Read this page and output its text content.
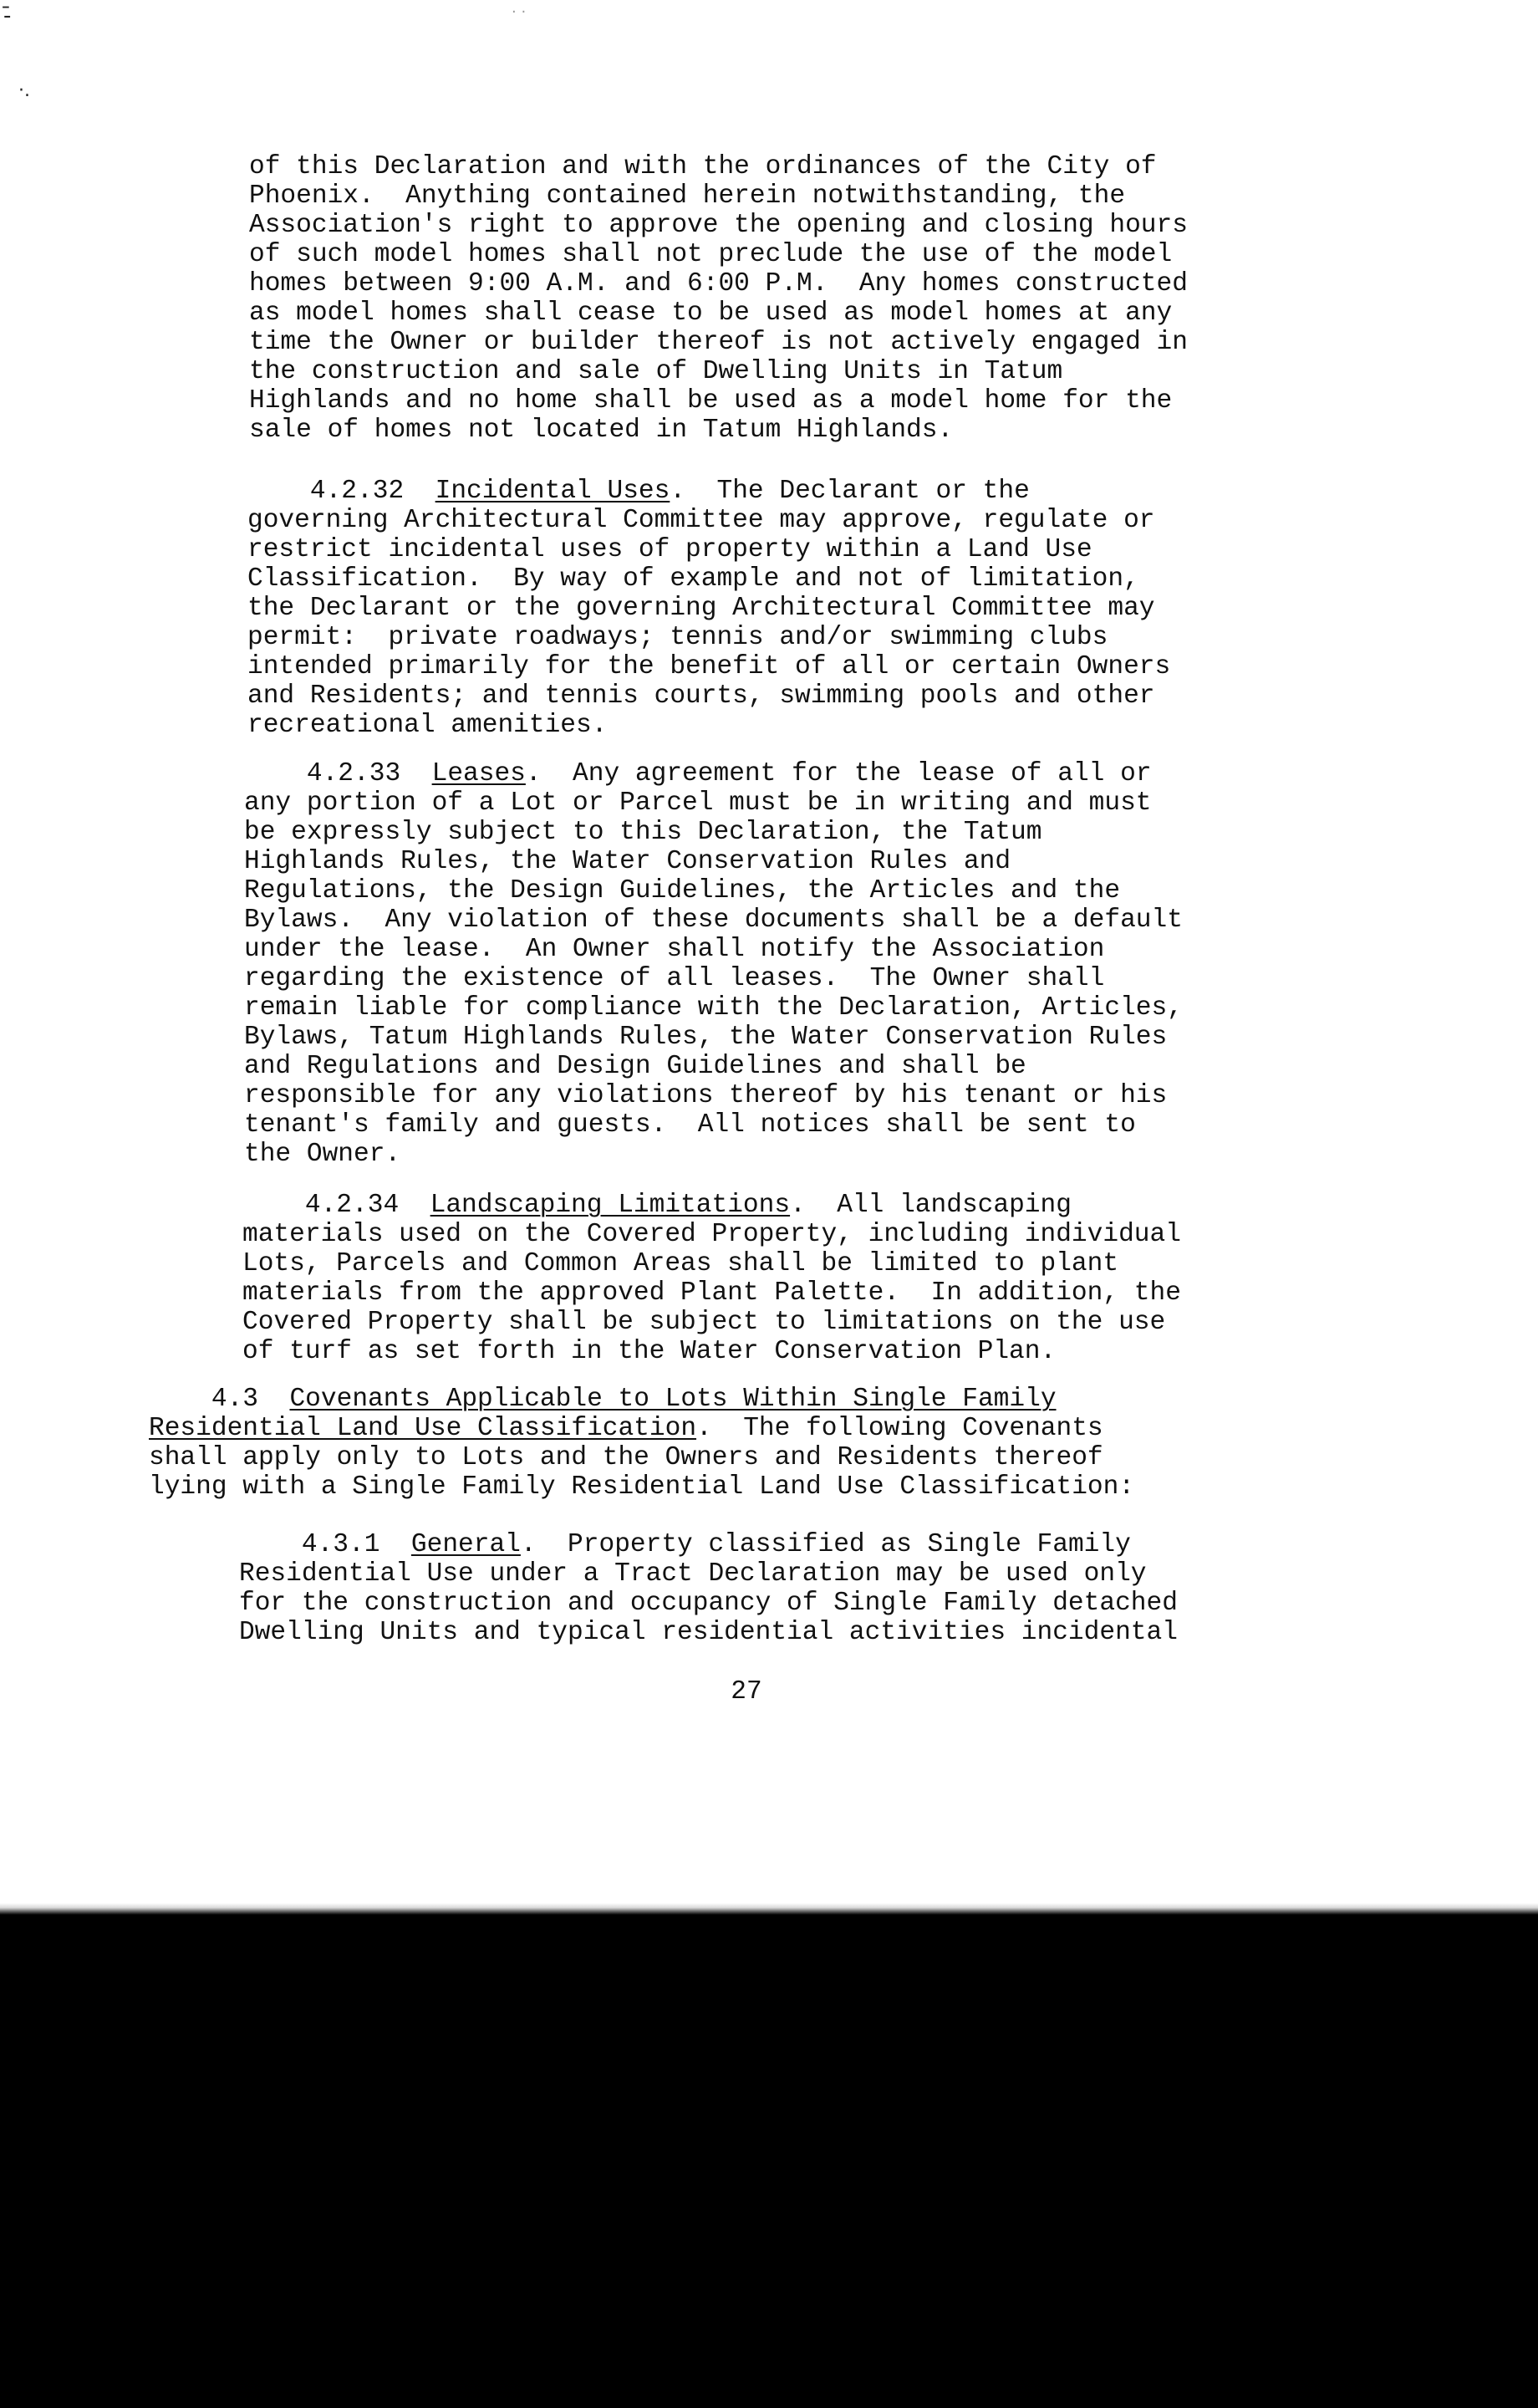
-̄
·.
· ·
of this Declaration and with the ordinances of the City of
Phoenix.  Anything contained herein notwithstanding, the
Association's right to approve the opening and closing hours
of such model homes shall not preclude the use of the model
homes between 9:00 A.M. and 6:00 P.M.  Any homes constructed
as model homes shall cease to be used as model homes at any
time the Owner or builder thereof is not actively engaged in
the construction and sale of Dwelling Units in Tatum
Highlands and no home shall be used as a model home for the
sale of homes not located in Tatum Highlands.
4.2.32 Incidental Uses.  The Declarant or the
governing Architectural Committee may approve, regulate or
restrict incidental uses of property within a Land Use
Classification.  By way of example and not of limitation,
the Declarant or the governing Architectural Committee may
permit:  private roadways; tennis and/or swimming clubs
intended primarily for the benefit of all or certain Owners
and Residents; and tennis courts, swimming pools and other
recreational amenities.
4.2.33 Leases.  Any agreement for the lease of all or
any portion of a Lot or Parcel must be in writing and must
be expressly subject to this Declaration, the Tatum
Highlands Rules, the Water Conservation Rules and
Regulations, the Design Guidelines, the Articles and the
Bylaws.  Any violation of these documents shall be a default
under the lease.  An Owner shall notify the Association
regarding the existence of all leases.  The Owner shall
remain liable for compliance with the Declaration, Articles,
Bylaws, Tatum Highlands Rules, the Water Conservation Rules
and Regulations and Design Guidelines and shall be
responsible for any violations thereof by his tenant or his
tenant's family and guests.  All notices shall be sent to
the Owner.
4.2.34 Landscaping Limitations.  All landscaping
materials used on the Covered Property, including individual
Lots, Parcels and Common Areas shall be limited to plant
materials from the approved Plant Palette.  In addition, the
Covered Property shall be subject to limitations on the use
of turf as set forth in the Water Conservation Plan.
4.3 Covenants Applicable to Lots Within Single Family
Residential Land Use Classification.  The following Covenants
shall apply only to Lots and the Owners and Residents thereof
lying with a Single Family Residential Land Use Classification:
4.3.1 General.  Property classified as Single Family
Residential Use under a Tract Declaration may be used only
for the construction and occupancy of Single Family detached
Dwelling Units and typical residential activities incidental
27
